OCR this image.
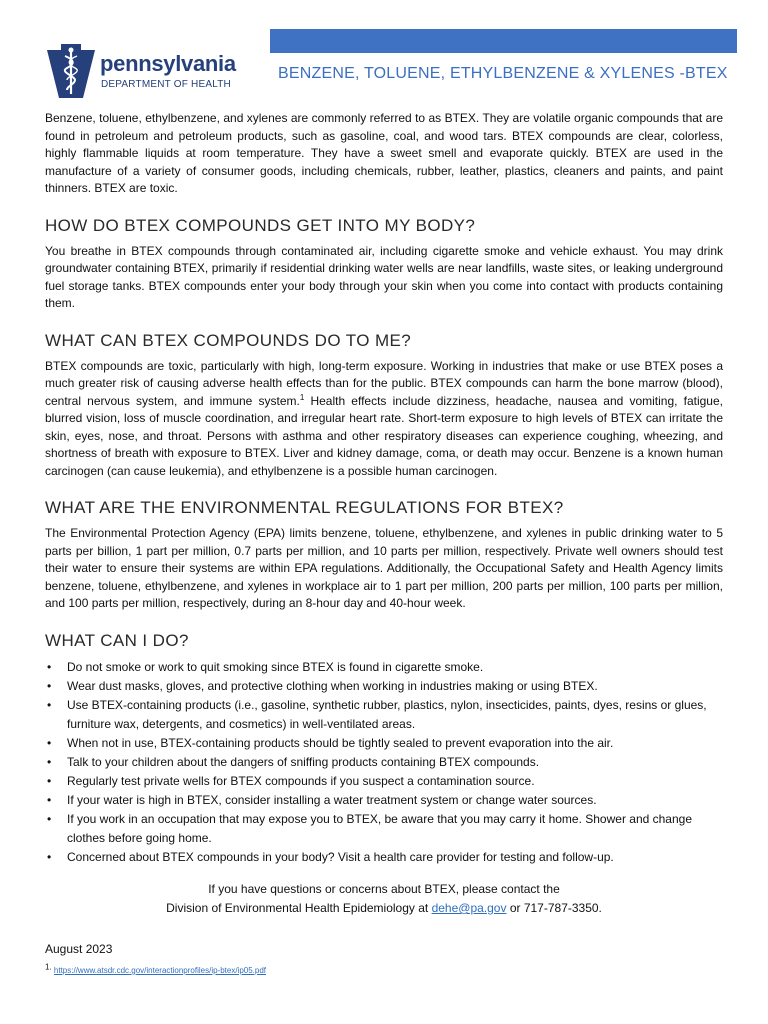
pennsylvania
DEPARTMENT OF HEALTH
BENZENE, TOLUENE, ETHYLBENZENE & XYLENES -BTEX

Benzene, toluene, ethylbenzene, and xylenes are commonly referred to as BTEX. They are volatile organic compounds that are found in petroleum and petroleum products, such as gasoline, coal, and wood tars. BTEX compounds are clear, colorless, highly flammable liquids at room temperature. They have a sweet smell and evaporate quickly. BTEX are used in the manufacture of a variety of consumer goods, including chemicals, rubber, leather, plastics, cleaners and paints, and paint thinners. BTEX are toxic.

HOW DO BTEX COMPOUNDS GET INTO MY BODY?

You breathe in BTEX compounds through contaminated air, including cigarette smoke and vehicle exhaust. You may drink groundwater containing BTEX, primarily if residential drinking water wells are near landfills, waste sites, or leaking underground fuel storage tanks. BTEX compounds enter your body through your skin when you come into contact with products containing them.

WHAT CAN BTEX COMPOUNDS DO TO ME?

BTEX compounds are toxic, particularly with high, long-term exposure. Working in industries that make or use BTEX poses a much greater risk of causing adverse health effects than for the public. BTEX compounds can harm the bone marrow (blood), central nervous system, and immune system.$^1$ Health effects include dizziness, headache, nausea and vomiting, fatigue, blurred vision, loss of muscle coordination, and irregular heart rate. Short-term exposure to high levels of BTEX can irritate the skin, eyes, nose, and throat. Persons with asthma and other respiratory diseases can experience coughing, wheezing, and shortness of breath with exposure to BTEX. Liver and kidney damage, coma, or death may occur. Benzene is a known human carcinogen (can cause leukemia), and ethylbenzene is a possible human carcinogen.

WHAT ARE THE ENVIRONMENTAL REGULATIONS FOR BTEX?

The Environmental Protection Agency (EPA) limits benzene, toluene, ethylbenzene, and xylenes in public drinking water to 5 parts per billion, 1 part per million, 0.7 parts per million, and 10 parts per million, respectively. Private well owners should test their water to ensure their systems are within EPA regulations. Additionally, the Occupational Safety and Health Agency limits benzene, toluene, ethylbenzene, and xylenes in workplace air to 1 part per million, 200 parts per million, 100 parts per million, and 100 parts per million, respectively, during an 8-hour day and 40-hour week.

WHAT CAN I DO?
• Do not smoke or work to quit smoking since BTEX is found in cigarette smoke.
• Wear dust masks, gloves, and protective clothing when working in industries making or using BTEX.
• Use BTEX-containing products (i.e., gasoline, synthetic rubber, plastics, nylon, insecticides, paints, dyes, resins or glues, furniture wax, detergents, and cosmetics) in well-ventilated areas.
• When not in use, BTEX-containing products should be tightly sealed to prevent evaporation into the air.
• Talk to your children about the dangers of sniffing products containing BTEX compounds.
• Regularly test private wells for BTEX compounds if you suspect a contamination source.
• If your water is high in BTEX, consider installing a water treatment system or change water sources.
• If you work in an occupation that may expose you to BTEX, be aware that you may carry it home. Shower and change clothes before going home.
• Concerned about BTEX compounds in your body? Visit a health care provider for testing and follow-up.
If you have questions or concerns about BTEX, please contact the
Division of Environmental Health Epidemiology at dehe@pa.gov or 717-787-3350.
August 2023
$^{1.}$ https://www.atsdr.cdc.gov/interactionprofiles/ip-btex/ip05.pdf
